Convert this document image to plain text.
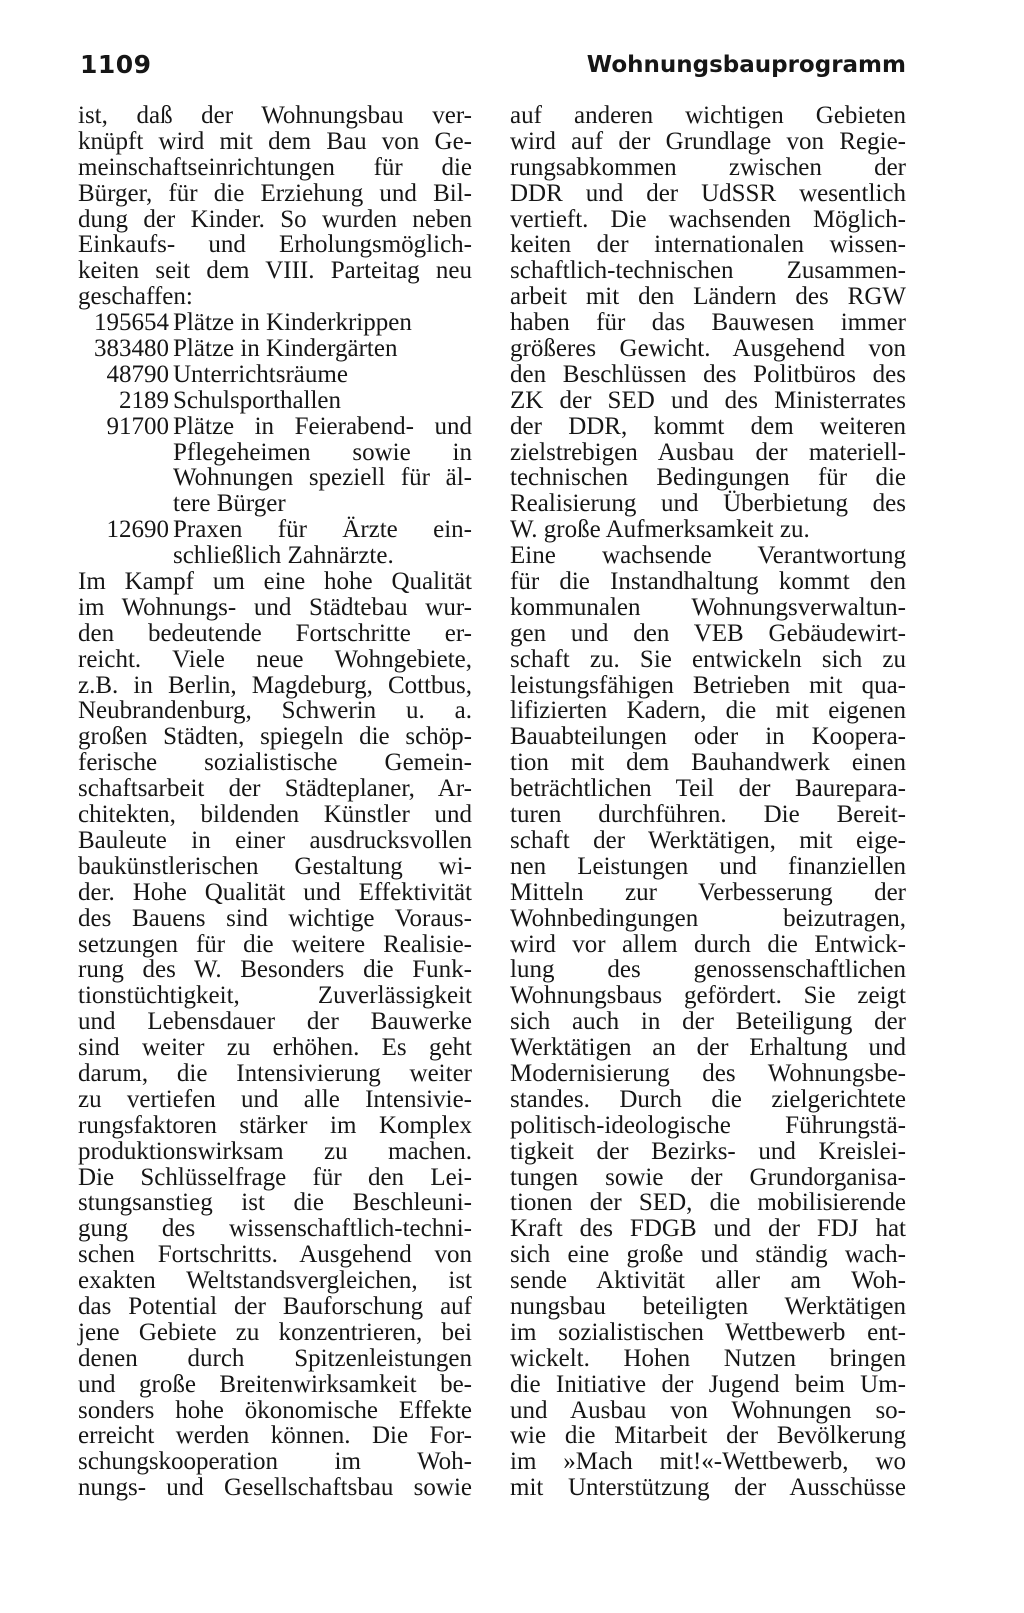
1109	Wohnungsbauprogramm
ist, daß der Wohnungsbau ver-
knüpft wird mit dem Bau von Ge-
meinschaftseinrichtungen für die
Bürger, für die Erziehung und Bil-
dung der Kinder. So wurden neben
Einkaufs- und Erholungsmöglich-
keiten seit dem VIII. Parteitag neu
geschaffen:
195654 Plätze in Kinderkrippen
383480 Plätze in Kindergärten
48790 Unterrichtsräume
2189 Schulsporthallen
91700 Plätze in Feierabend- und
Pflegeheimen sowie in
Wohnungen speziell für äl-
tere Bürger
12690 Praxen für Ärzte ein-
schließlich Zahnärzte.
Im Kampf um eine hohe Qualität
im Wohnungs- und Städtebau wur-
den bedeutende Fortschritte er-
reicht. Viele neue Wohngebiete,
z.B. in Berlin, Magdeburg, Cottbus,
Neubrandenburg, Schwerin u. a.
großen Städten, spiegeln die schöp-
ferische sozialistische Gemein-
schaftsarbeit der Städteplaner, Ar-
chitekten, bildenden Künstler und
Bauleute in einer ausdrucksvollen
baukünstlerischen Gestaltung wi-
der. Hohe Qualität und Effektivität
des Bauens sind wichtige Voraus-
setzungen für die weitere Realisie-
rung des W. Besonders die Funk-
tionstüchtigkeit, Zuverlässigkeit
und Lebensdauer der Bauwerke
sind weiter zu erhöhen. Es geht
darum, die Intensivierung weiter
zu vertiefen und alle Intensivie-
rungsfaktoren stärker im Komplex
produktionswirksam zu machen.
Die Schlüsselfrage für den Lei-
stungsanstieg ist die Beschleuni-
gung des wissenschaftlich-techni-
schen Fortschritts. Ausgehend von
exakten Weltstandsvergleichen, ist
das Potential der Bauforschung auf
jene Gebiete zu konzentrieren, bei
denen durch Spitzenleistungen
und große Breitenwirksamkeit be-
sonders hohe ökonomische Effekte
erreicht werden können. Die For-
schungskooperation im Woh-
nungs- und Gesellschaftsbau sowie
auf anderen wichtigen Gebieten
wird auf der Grundlage von Regie-
rungsabkommen zwischen der
DDR und der UdSSR wesentlich
vertieft. Die wachsenden Möglich-
keiten der internationalen wissen-
schaftlich-technischen Zusammen-
arbeit mit den Ländern des RGW
haben für das Bauwesen immer
größeres Gewicht. Ausgehend von
den Beschlüssen des Politbüros des
ZK der SED und des Ministerrates
der DDR, kommt dem weiteren
zielstrebigen Ausbau der materiell-
technischen Bedingungen für die
Realisierung und Überbietung des
W. große Aufmerksamkeit zu.
Eine wachsende Verantwortung
für die Instandhaltung kommt den
kommunalen Wohnungsverwaltun-
gen und den VEB Gebäudewirt-
schaft zu. Sie entwickeln sich zu
leistungsfähigen Betrieben mit qua-
lifizierten Kadern, die mit eigenen
Bauabteilungen oder in Koopera-
tion mit dem Bauhandwerk einen
beträchtlichen Teil der Baurepara-
turen durchführen. Die Bereit-
schaft der Werktätigen, mit eige-
nen Leistungen und finanziellen
Mitteln zur Verbesserung der
Wohnbedingungen beizutragen,
wird vor allem durch die Entwick-
lung des genossenschaftlichen
Wohnungsbaus gefördert. Sie zeigt
sich auch in der Beteiligung der
Werktätigen an der Erhaltung und
Modernisierung des Wohnungsbe-
standes. Durch die zielgerichtete
politisch-ideologische Führungstä-
tigkeit der Bezirks- und Kreislei-
tungen sowie der Grundorganisa-
tionen der SED, die mobilisierende
Kraft des FDGB und der FDJ hat
sich eine große und ständig wach-
sende Aktivität aller am Woh-
nungsbau beteiligten Werktätigen
im sozialistischen Wettbewerb ent-
wickelt. Hohen Nutzen bringen
die Initiative der Jugend beim Um-
und Ausbau von Wohnungen so-
wie die Mitarbeit der Bevölkerung
im »Mach mit!«-Wettbewerb, wo
mit Unterstützung der Ausschüsse
